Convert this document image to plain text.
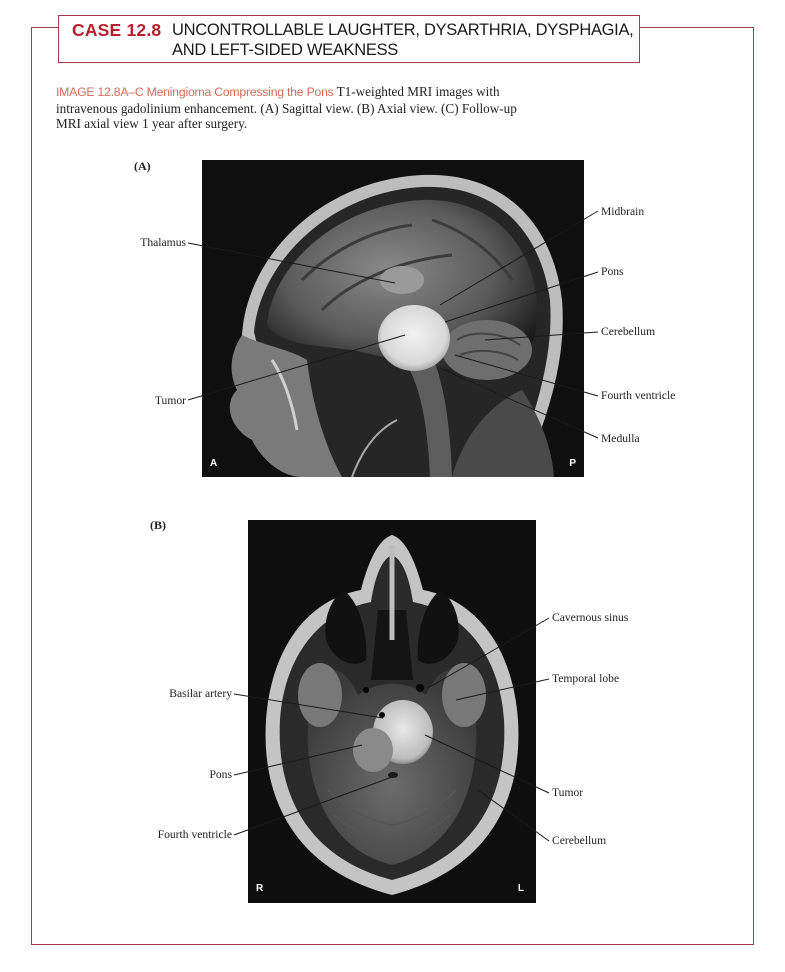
CASE 12.8 UNCONTROLLABLE LAUGHTER, DYSARTHRIA, DYSPHAGIA,
AND LEFT-SIDED WEAKNESS
IMAGE 12.8A–C Meningioma Compressing the Pons T1-weighted MRI images with intravenous gadolinium enhancement. (A) Sagittal view. (B) Axial view. (C) Follow-up MRI axial view 1 year after surgery.
(A)
A	P
(B)
R	L
Thalamus
Tumor
Midbrain
Pons
Cerebellum
Fourth ventricle
Medulla
Basilar artery
Pons
Fourth ventricle
Cavernous sinus
Temporal lobe
Tumor
Cerebellum
